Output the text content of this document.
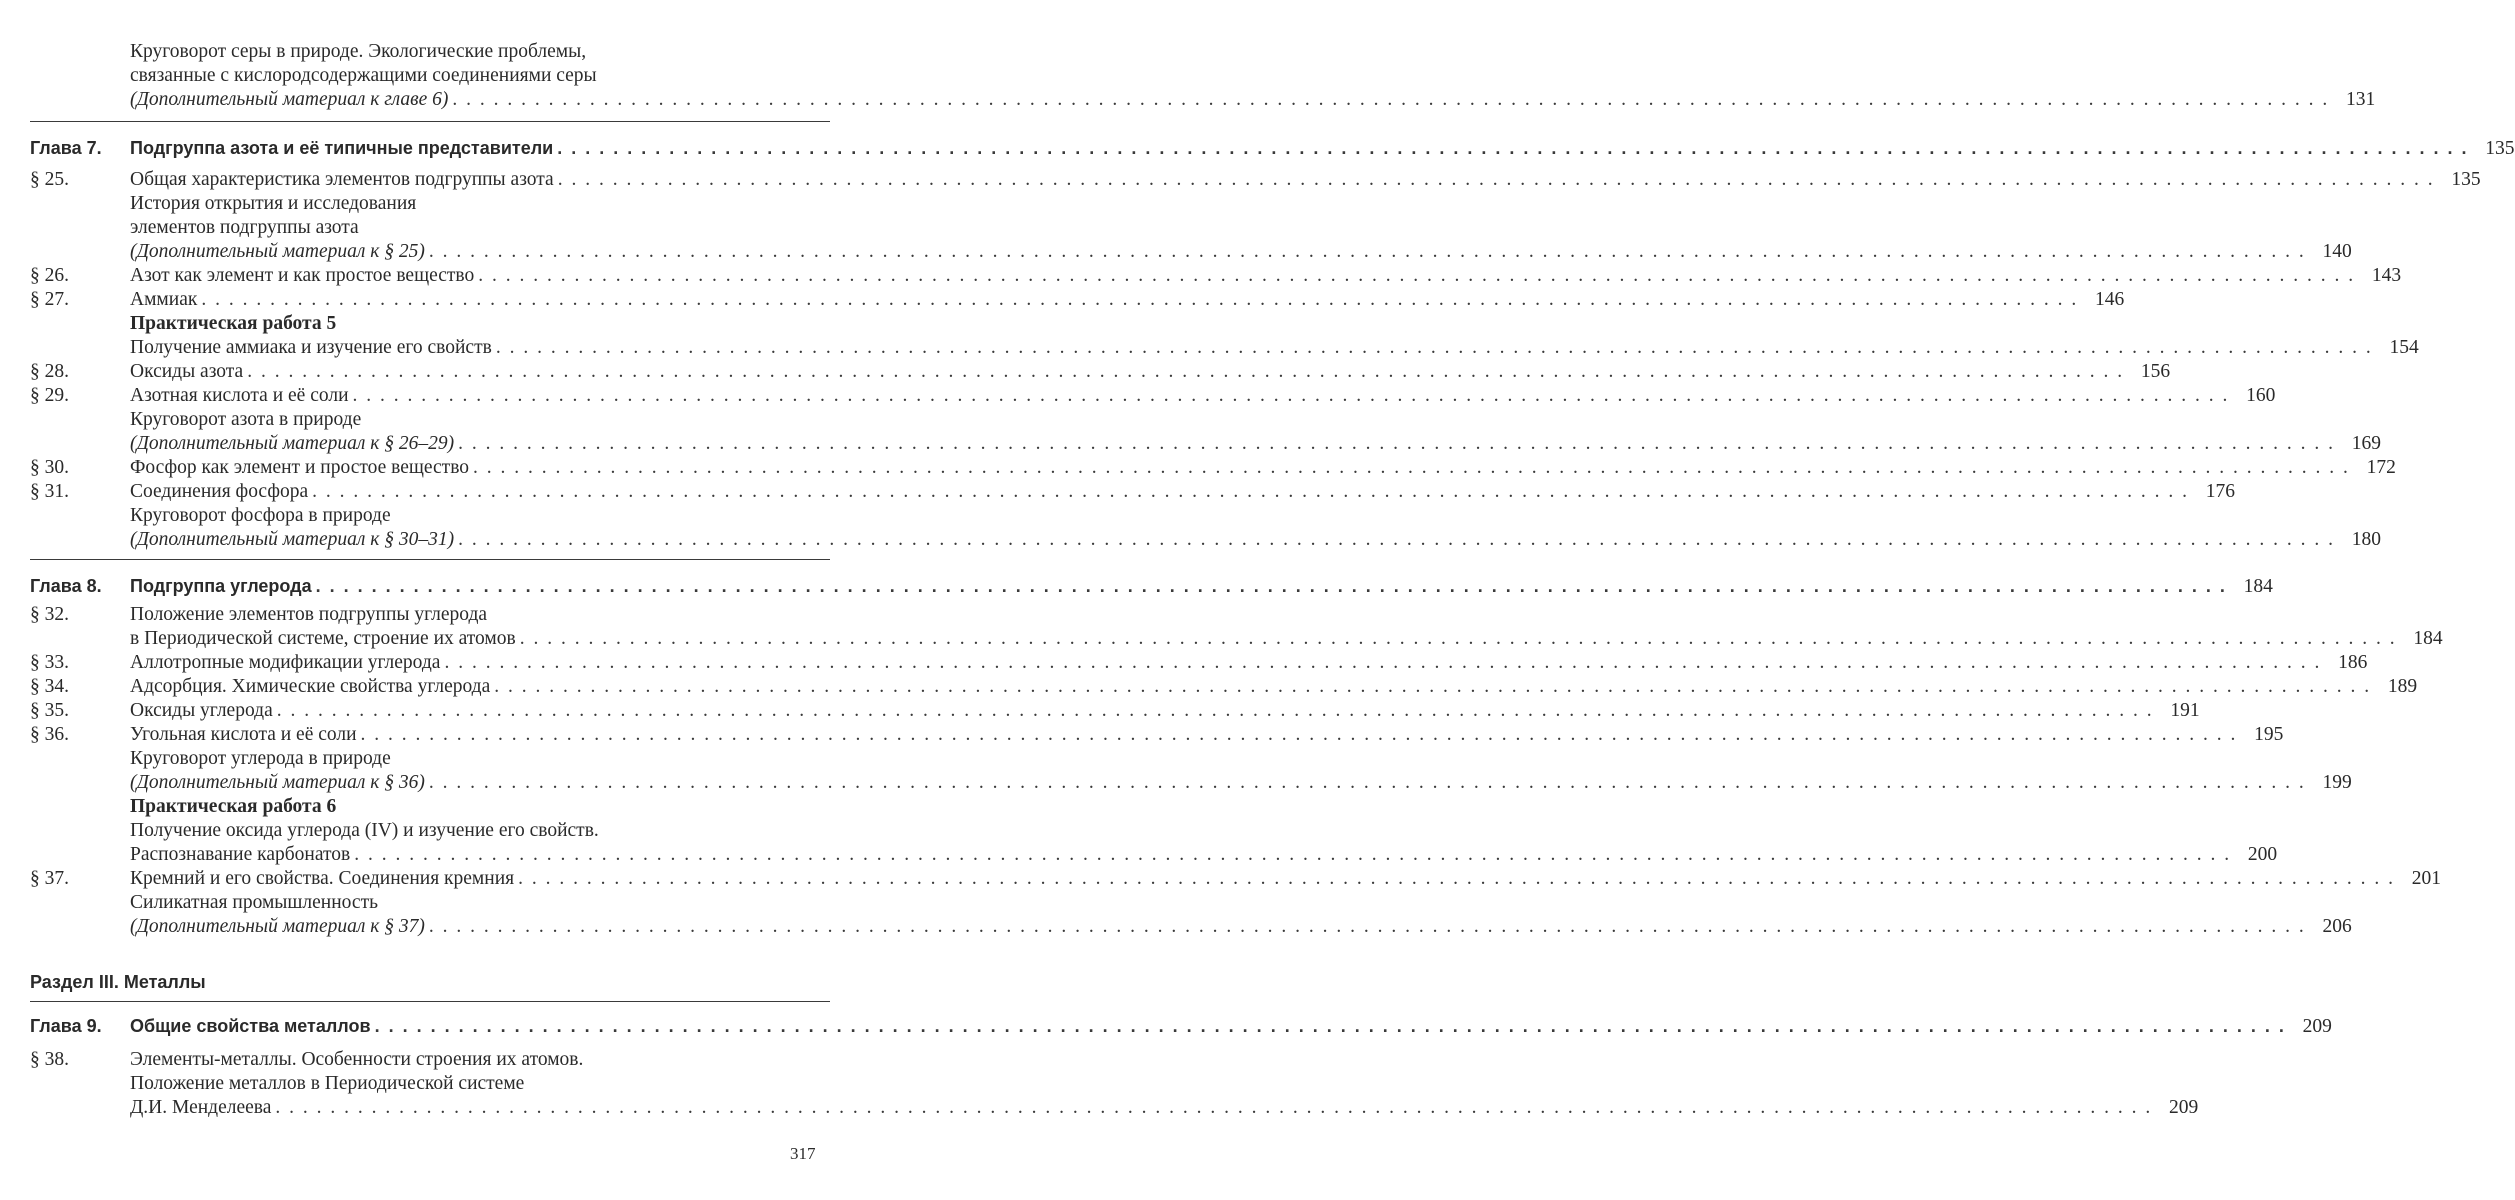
Раздел III. Металлы
317
Круговорот серы в природе. Экологические проблемы,
связанные с кислородсодержащими соединениями серы
(Дополнительный материал к главе 6) . . .	131
Глава 7.	Подгруппа азота и её типичные представители . . .	135
§ 25.	Общая характеристика элементов подгруппы азота . . .	135
История открытия и исследования
элементов подгруппы азота
(Дополнительный материал к § 25) . . .	140
§ 26.	Азот как элемент и как простое вещество . . .	143
§ 27.	Аммиак . . .	146
Практическая работа 5
Получение аммиака и изучение его свойств . . .	154
§ 28.	Оксиды азота . . .	156
§ 29.	Азотная кислота и её соли . . .	160
Круговорот азота в природе
(Дополнительный материал к § 26–29) . . .	169
§ 30.	Фосфор как элемент и простое вещество . . .	172
§ 31.	Соединения фосфора . . .	176
Круговорот фосфора в природе
(Дополнительный материал к § 30–31) . . .	180
Глава 8.	Подгруппа углерода . . .	184
§ 32.	Положение элементов подгруппы углерода
в Периодической системе, строение их атомов . . .	184
§ 33.	Аллотропные модификации углерода . . .	186
§ 34.	Адсорбция. Химические свойства углерода . . .	189
§ 35.	Оксиды углерода . . .	191
§ 36.	Угольная кислота и её соли . . .	195
Круговорот углерода в природе
(Дополнительный материал к § 36) . . .	199
Практическая работа 6
Получение оксида углерода (IV) и изучение его свойств.
Распознавание карбонатов . . .	200
§ 37.	Кремний и его свойства. Соединения кремния . . .	201
Силикатная промышленность
(Дополнительный материал к § 37) . . .	206
Глава 9.	Общие свойства металлов . . .	209
§ 38.	Элементы-металлы. Особенности строения их атомов.
Положение металлов в Периодической системе
Д.И. Менделеева . . .	209
